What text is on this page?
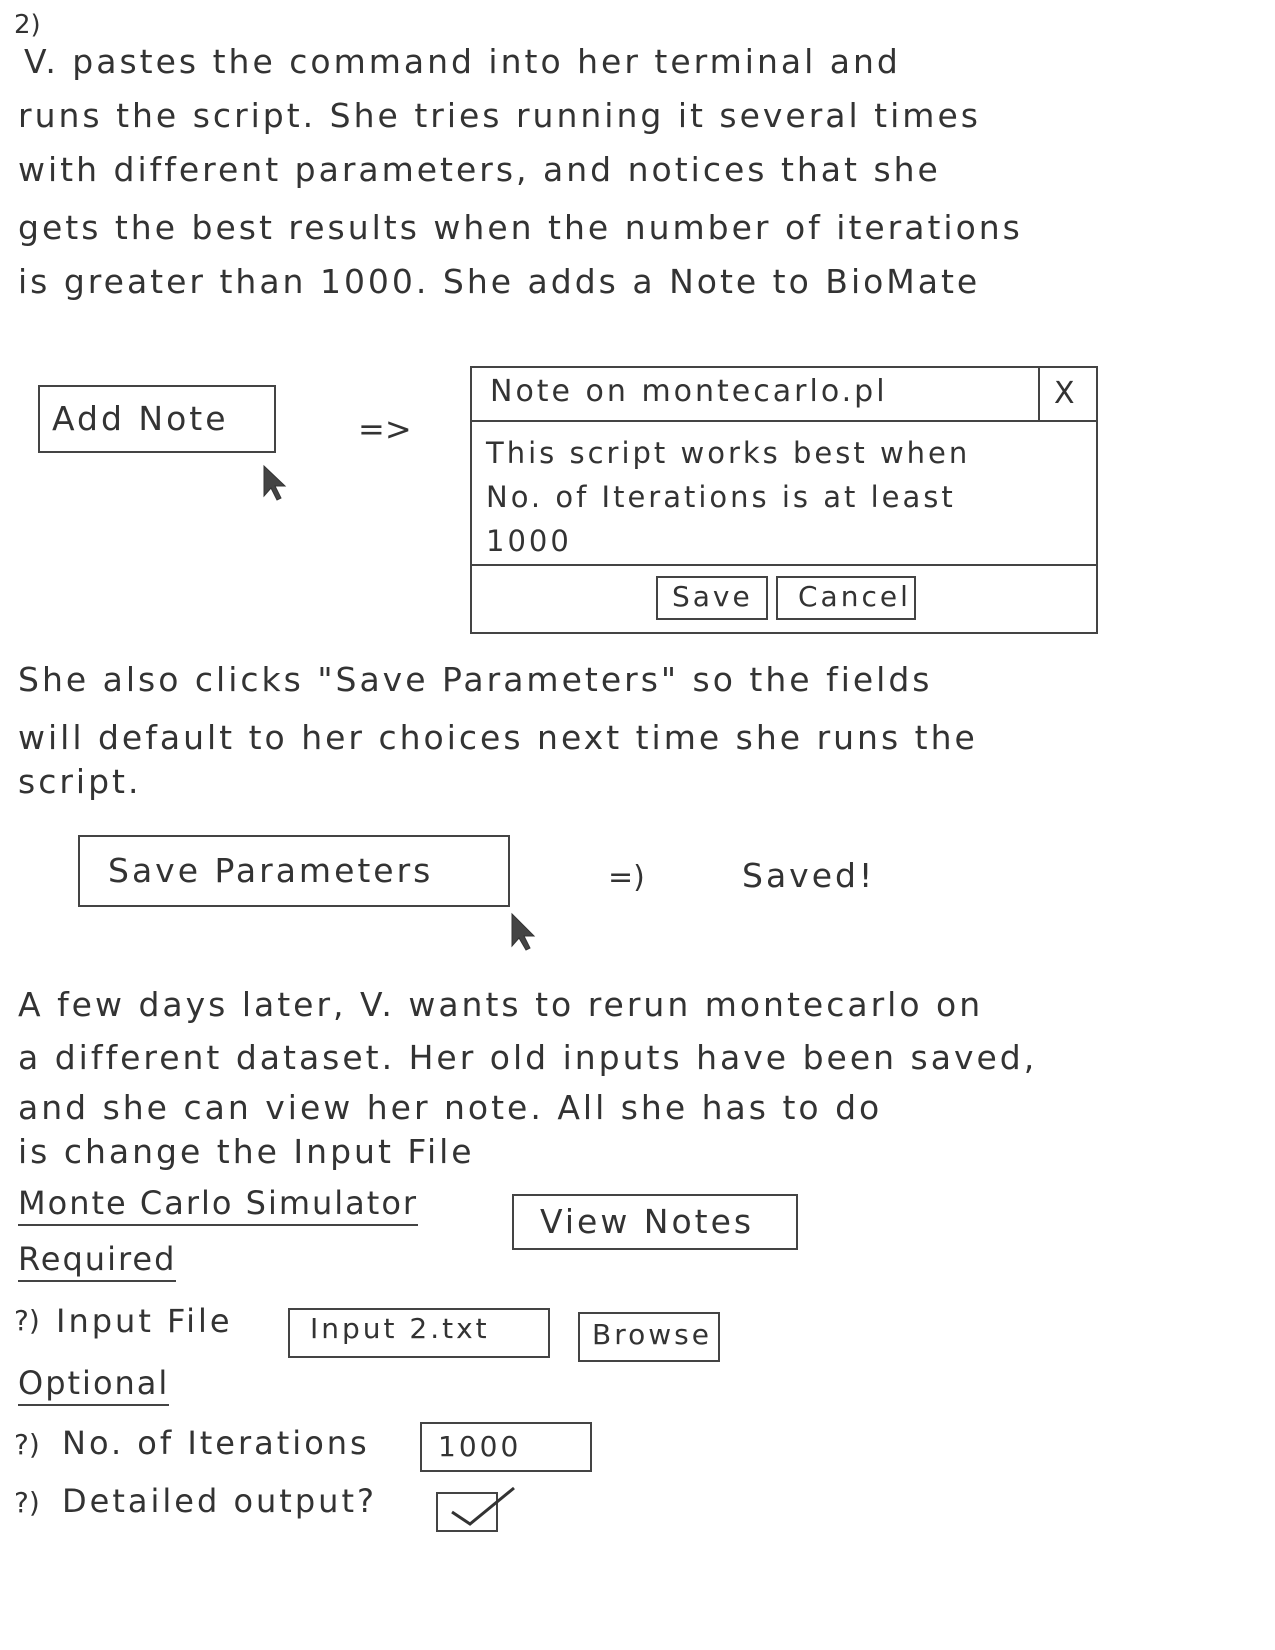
2)
V. pastes the command into her terminal and
runs the script. She tries running it several times
with different parameters, and notices that she
gets the best results when the number of iterations
is greater than 1000. She adds a Note to BioMate
Add Note	=>
Note on montecarlo.pl	X
This script works best when
No. of Iterations is at least
1000
Save Cancel
She also clicks "Save Parameters" so the fields
will default to her choices next time she runs the
script.
Save Parameters	=)	Saved!
A few days later, V. wants to rerun montecarlo on
a different dataset. Her old inputs have been saved,
and she can view her note. All she has to do
is change the Input File
Monte Carlo Simulator	View Notes
Required
?) Input File	Input 2.txt	Browse
Optional
?) No. of Iterations 1000
?) Detailed output?
